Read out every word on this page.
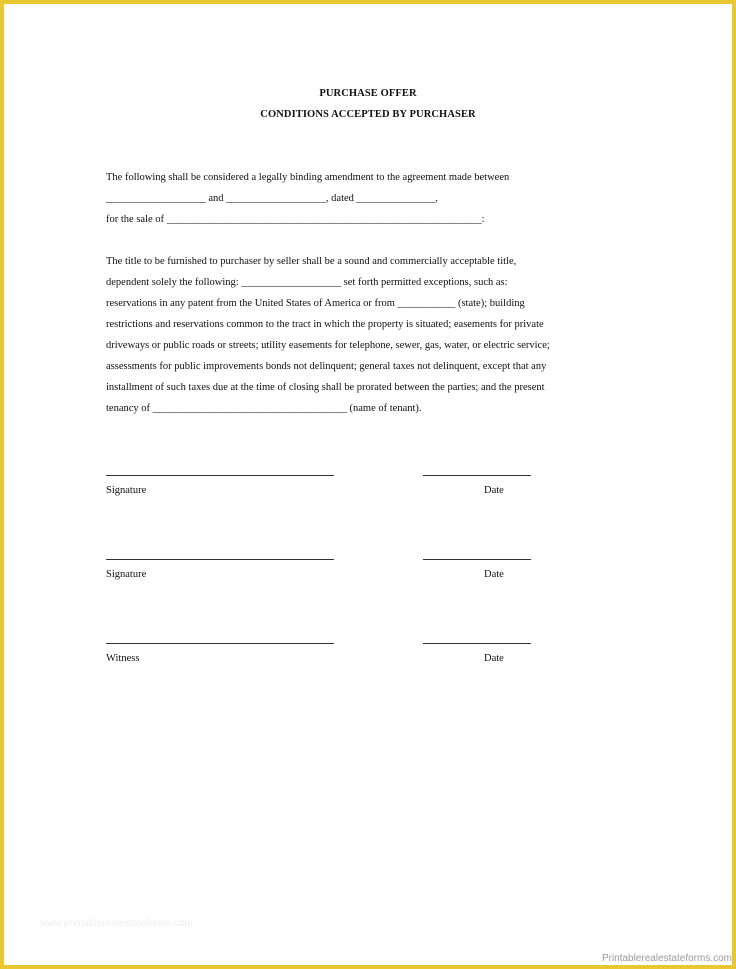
PURCHASE OFFER
CONDITIONS ACCEPTED BY PURCHASER
The following shall be considered a legally binding amendment to the agreement made between
___________________ and ___________________, dated _______________,
for the sale of ____________________________________________________________:
The title to be furnished to purchaser by seller shall be a sound and commercially acceptable title,
dependent solely the following: ___________________ set forth permitted exceptions, such as:
reservations in any patent from the United States of America or from ___________ (state); building
restrictions and reservations common to the tract in which the property is situated; easements for private
driveways or public roads or streets; utility easements for telephone, sewer, gas, water, or electric service;
assessments for public improvements bonds not delinquent; general taxes not delinquent, except that any
installment of such taxes due at the time of closing shall be prorated between the parties; and the present
tenancy of _____________________________________ (name of tenant).
Signature	Date
Signature	Date
Witness	Date
www.printablerealestateforms.com
Printablerealestateforms.com
